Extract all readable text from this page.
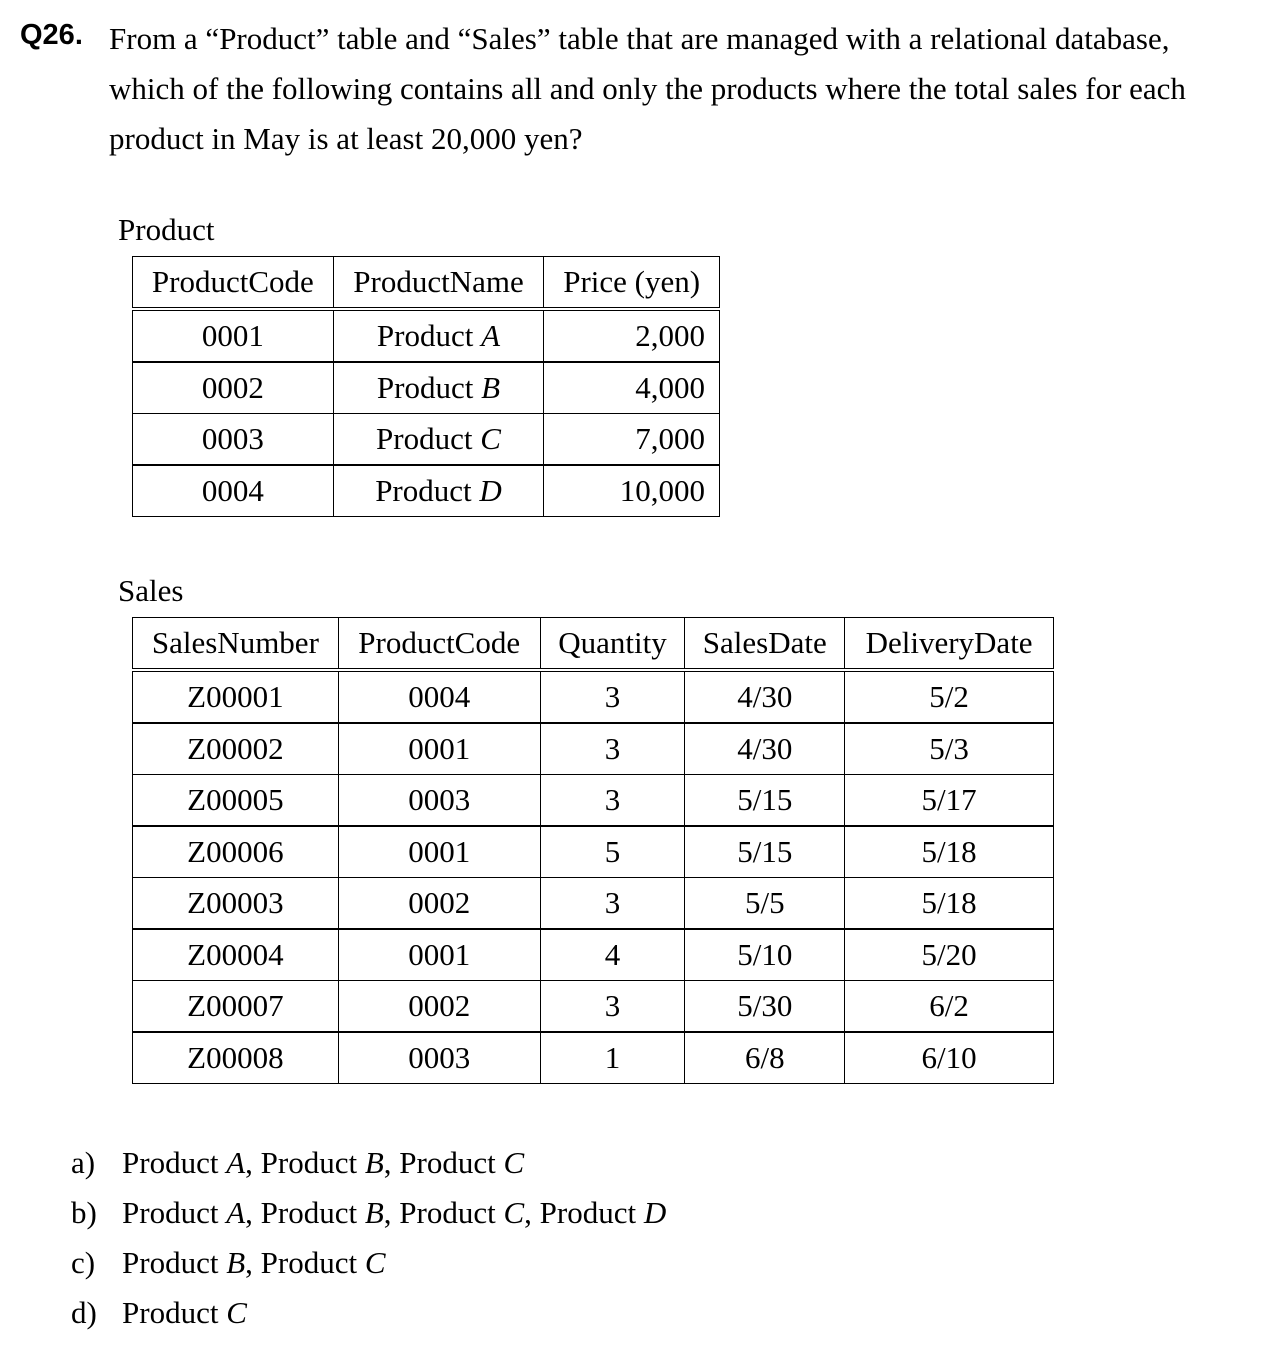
Q26. From a “Product” table and “Sales” table that are managed with a relational database,
which of the following contains all and only the products where the total sales for each
product in May is at least 20,000 yen?
Product
ProductCode	ProductName	Price (yen)
0001	Product A	2,000
0002	Product B	4,000
0003	Product C	7,000
0004	Product D	10,000
Sales
SalesNumber	ProductCode	Quantity	SalesDate	DeliveryDate
Z00001	0004	3	4/30	5/2
Z00002	0001	3	4/30	5/3
Z00005	0003	3	5/15	5/17
Z00006	0001	5	5/15	5/18
Z00003	0002	3	5/5	5/18
Z00004	0001	4	5/10	5/20
Z00007	0002	3	5/30	6/2
Z00008	0003	1	6/8	6/10
a) Product A, Product B, Product C
b) Product A, Product B, Product C, Product D
c) Product B, Product C
d) Product C
